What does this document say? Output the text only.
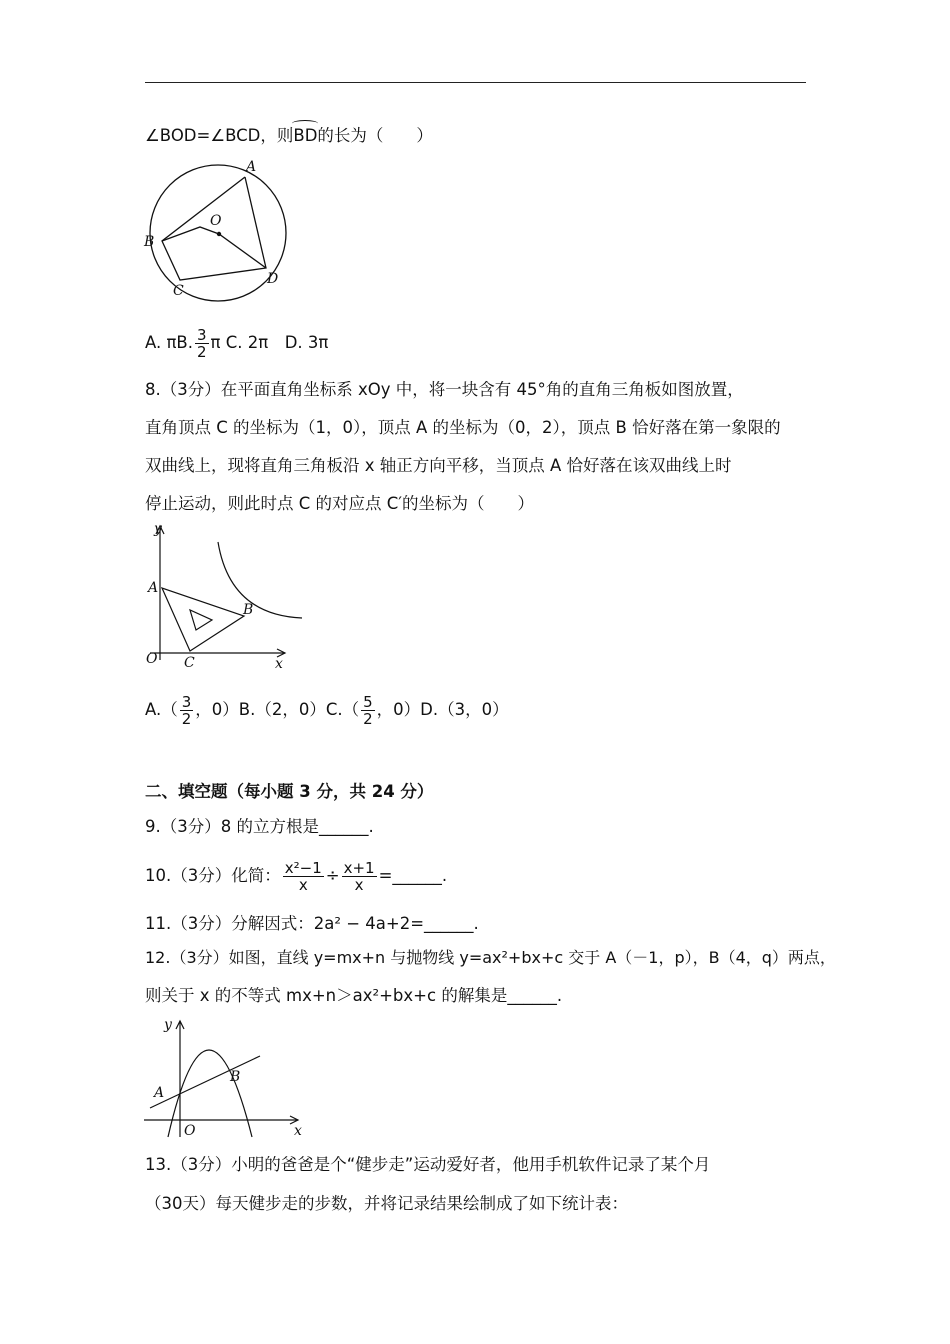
∠BOD=∠BCD，则
BD的长为（　　）
A
B
C
D
O
A. πB. $\frac{3}{2}$ π C. 2π　 D. 3π
8.（3分）在平面直角坐标系 xOy 中，将一块含有 45°角的直角三角板如图放置，
直角顶点 C 的坐标为（1，0），顶点 A 的坐标为（0，2），顶点 B 恰好落在第一象限的
双曲线上，现将直角三角板沿 x 轴正方向平移，当顶点 A 恰好落在该双曲线上时
停止运动，则此时点 C 的对应点 C′的坐标为（　　）
y
x
A
B
C
O
$A.( \frac{3}{2}$ ，0）B.（2，$0)C.( \frac{5}{2}$ ，0）D.（3，0）
二、填空题（每小题 3 分，共 24 分）
9.（3分）8 的立方根是______.
10.（3分）化简： $\frac{\text{x²−1}}{x} \div \frac{x+1}{x}$ =______.
11.（3分）分解因式：2a² − 4a+2=______.
12.（3分）如图，直线 y=mx+n 与抛物线 y=ax²+bx+c 交于 A（－1，p），B（4，q）两点，
则关于 x 的不等式 mx+n＞ax²+bx+c 的解集是______.
y
x
A
B
O
13.（3分）小明的爸爸是个“健步走”运动爱好者，他用手机软件记录了某个月
（30天）每天健步走的步数，并将记录结果绘制成了如下统计表：
